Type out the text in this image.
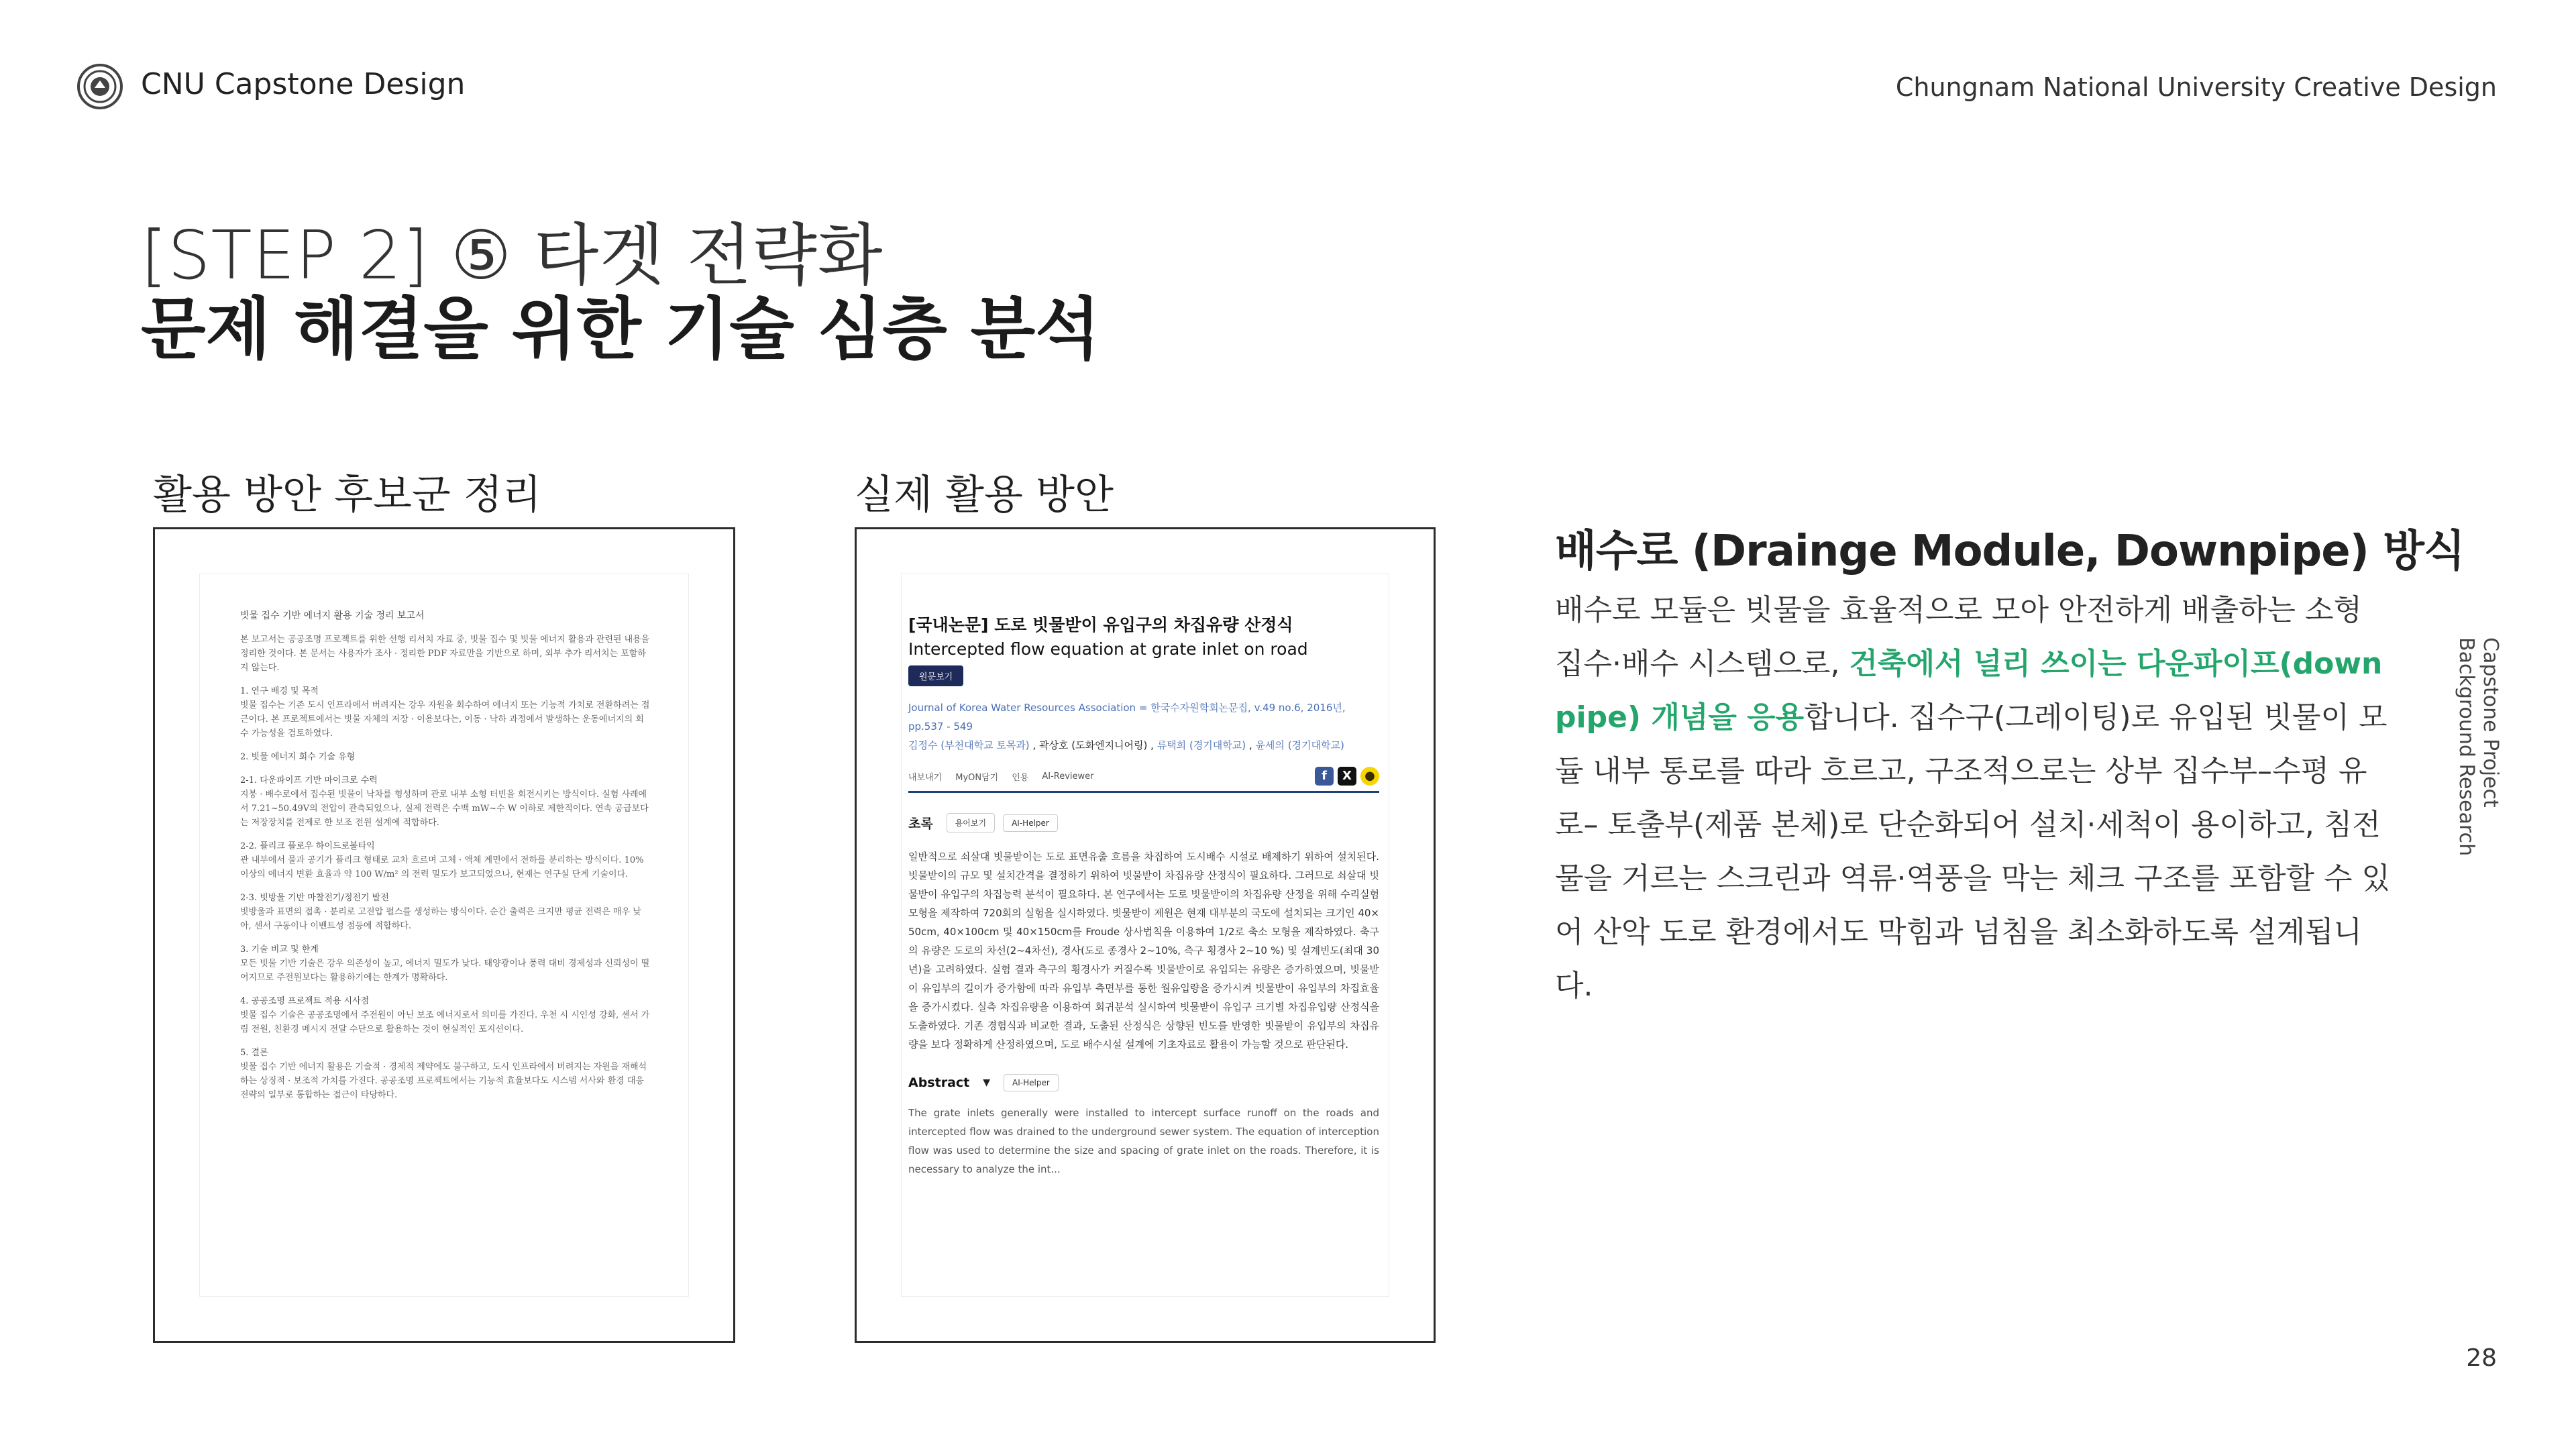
CNU Capstone Design	Chungnam National University Creative Design
[STEP 2] ⑤ 타겟 전략화
문제 해결을 위한 기술 심층 분석
활용 방안 후보군 정리
빗물 집수 기반 에너지 활용 기술 정리 보고서
본 보고서는 공공조명 프로젝트를 위한 선행 리서치 자료 중, 빗물 집수 및 빗물 에너지 활용과 관련된 내용을 정리한 것이다. 본 문서는 사용자가 조사 · 정리한 PDF 자료만을 기반으로 하며, 외부 추가 리서치는 포함하지 않는다.
1. 연구 배경 및 목적
빗물 집수는 기존 도시 인프라에서 버려지는 강우 자원을 회수하여 에너지 또는 기능적 가치로 전환하려는 접근이다. 본 프로젝트에서는 빗물 자체의 저장 · 이용보다는, 이동 · 낙하 과정에서 발생하는 운동에너지의 회수 가능성을 검토하였다.
2. 빗물 에너지 회수 기술 유형
2-1. 다운파이프 기반 마이크로 수력
지붕 · 배수로에서 집수된 빗물이 낙차를 형성하며 관로 내부 소형 터빈을 회전시키는 방식이다. 실험 사례에서 7.21~50.49V의 전압이 관측되었으나, 실제 전력은 수백 mW~수 W 이하로 제한적이다. 연속 공급보다는 저장장치를 전제로 한 보조 전원 설계에 적합하다.
2-2. 플리크 플로우 하이드로볼타익
관 내부에서 물과 공기가 플리크 형태로 교차 흐르며 고체 · 액체 계면에서 전하를 분리하는 방식이다. 10% 이상의 에너지 변환 효율과 약 100 W/m² 의 전력 밀도가 보고되었으나, 현재는 연구실 단계 기술이다.
2-3. 빗방울 기반 마찰전기/정전기 발전
빗방울과 표면의 접촉 · 분리로 고전압 펄스를 생성하는 방식이다. 순간 출력은 크지만 평균 전력은 매우 낮아, 센서 구동이나 이벤트성 점등에 적합하다.
3. 기술 비교 및 한계
모든 빗물 기반 기술은 강우 의존성이 높고, 에너지 밀도가 낮다. 태양광이나 풍력 대비 경제성과 신뢰성이 떨어지므로 주전원보다는 활용하기에는 한계가 명확하다.
4. 공공조명 프로젝트 적용 시사점
빗물 집수 기술은 공공조명에서 주전원이 아닌 보조 에너지로서 의미를 가진다. 우천 시 시인성 강화, 센서 가림 전원, 친환경 메시지 전달 수단으로 활용하는 것이 현실적인 포지션이다.
5. 결론
빗물 집수 기반 에너지 활용은 기술적 · 경제적 제약에도 불구하고, 도시 인프라에서 버려지는 자원을 재해석하는 상징적 · 보조적 가치를 가진다. 공공조명 프로젝트에서는 기능적 효율보다도 시스템 서사와 환경 대응 전략의 일부로 통합하는 접근이 타당하다.
실제 활용 방안
[국내논문] 도로 빗물받이 유입구의 차집유량 산정식
Intercepted flow equation at grate inlet on road
원문보기
Journal of Korea Water Resources Association = 한국수자원학회논문집, v.49 no.6, 2016년, pp.537 - 549
김정수 (부천대학교 토목과) , 곽상호 (도화엔지니어링) , 류택희 (경기대학교) , 윤세의 (경기대학교)
내보내기 MyON담기 인용 AI-Reviewer	f	X	●
초록	용어보기	AI-Helper
일반적으로 쇠살대 빗물받이는 도로 표면유출 흐름을 차집하여 도시배수 시설로 배제하기 위하여 설치된다. 빗물받이의 규모 및 설치간격을 결정하기 위하여 빗물받이 차집유량 산정식이 필요하다. 그러므로 쇠살대 빗물받이 유입구의 차집능력 분석이 필요하다. 본 연구에서는 도로 빗물받이의 차집유량 산정을 위해 수리실험모형을 제작하여 720회의 실험을 실시하였다. 빗물받이 제원은 현재 대부분의 국도에 설치되는 크기인 40×50cm, 40×100cm 및 40×150cm를 Froude 상사법칙을 이용하여 1/2로 축소 모형을 제작하였다. 축구의 유량은 도로의 차선(2~4차선), 경사(도로 종경사 2~10%, 측구 횡경사 2~10 %) 및 설계빈도(최대 30년)을 고려하였다. 실험 결과 측구의 횡경사가 커질수록 빗물받이로 유입되는 유량은 증가하였으며, 빗물받이 유입부의 길이가 증가함에 따라 유입부 측면부를 통한 월유입량을 증가시켜 빗물받이 유입부의 차집효율을 증가시켰다. 실측 차집유량을 이용하여 회귀분석 실시하여 빗물받이 유입구 크기별 차집유입량 산정식을 도출하였다. 기존 경험식과 비교한 결과, 도출된 산정식은 상향된 빈도를 반영한 빗물받이 유입부의 차집유량을 보다 정확하게 산정하였으며, 도로 배수시설 설계에 기초자료로 활용이 가능할 것으로 판단된다.
Abstract ▼	AI-Helper
The grate inlets generally were installed to intercept surface runoff on the roads and intercepted flow was drained to the underground sewer system. The equation of interception flow was used to determine the size and spacing of grate inlet on the roads. Therefore, it is necessary to analyze the int...
배수로 (Drainge Module, Downpipe) 방식
배수로 모듈은 빗물을 효율적으로 모아 안전하게 배출하는 소형 집수·배수 시스템으로, 건축에서 널리 쓰이는 다운파이프(downpipe) 개념을 응용합니다. 집수구(그레이팅)로 유입된 빗물이 모듈 내부 통로를 따라 흐르고, 구조적으로는 상부 집수부–수평 유로– 토출부(제품 본체)로 단순화되어 설치·세척이 용이하고, 침전물을 거르는 스크린과 역류·역풍을 막는 체크 구조를 포함할 수 있어 산악 도로 환경에서도 막힘과 넘침을 최소화하도록 설계됩니다.
Capstone Project
Background Research
28
